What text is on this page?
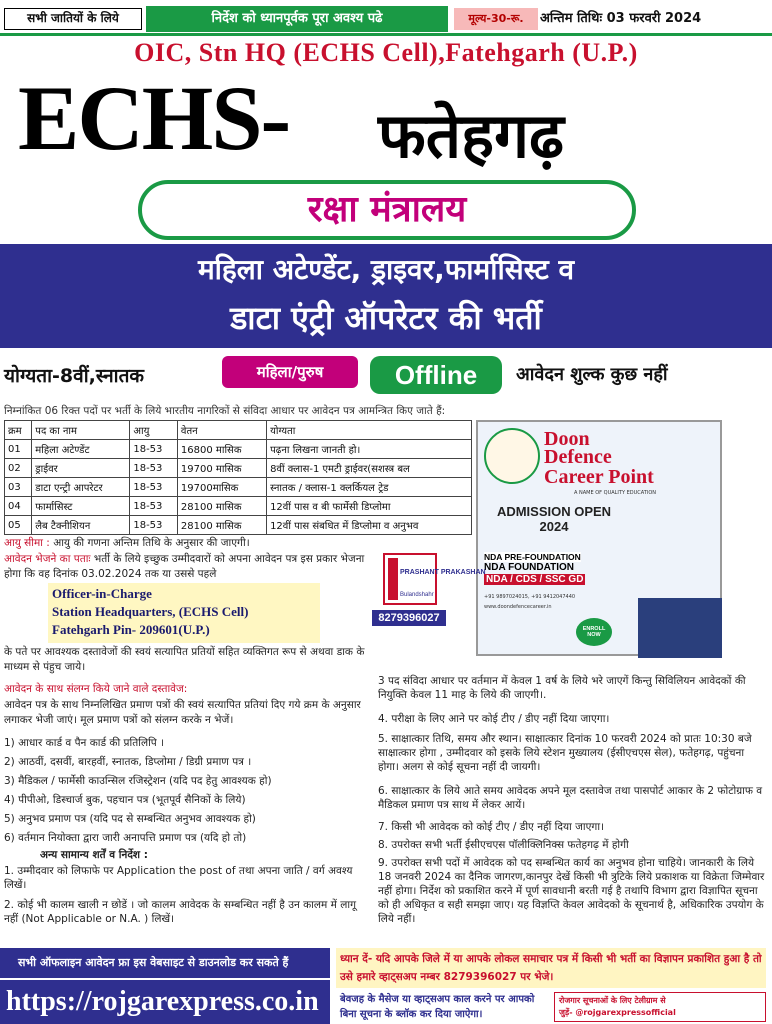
सभी जातियों के लिये	निर्देश को ध्यानपूर्वक पूरा अवश्य पढे	मूल्य-30-रू.	अन्तिम तिथिः 03 फरवरी 2024
OIC, Stn HQ (ECHS Cell),Fatehgarh (U.P.)
ECHS- फतेहगढ़
रक्षा मंत्रालय
महिला अटेण्डेंट, ड्राइवर,फार्मासिस्ट व
डाटा एंट्री ऑपरेटर की भर्ती
योग्यता-8वीं,स्नातक	महिला/पुरुष	Offline	आवेदन शुल्क कुछ नहीं
निम्नांकित 06 रिक्त पदों पर भर्ती के लिये भारतीय नागरिकों से संविदा आधार पर आवेदन पत्र आमन्त्रित किए जाते हैं:
क्रम	पद का नाम	आयु	वेतन	योग्यता
01	महिला अटेण्डेंट	18-53	16800 मासिक	पढ़ना लिखना जानती हो।
02	ड्राईवर	18-53	19700 मासिक	8वीं क्लास-1 एमटी ड्राईवर(सशस्त्र बल
03	डाटा एन्ट्री आपरेटर	18-53	19700मासिक	स्नातक / क्लास-1 क्लर्कियल ट्रेड
04	फार्मासिस्ट	18-53	28100 मासिक	12वीं पास व बी फार्मेसी डिप्लोमा
05	लैब टैक्नीशियन	18-53	28100 मासिक	12वीं पास संबधित में डिप्लोमा व अनुभव
Doon
Defence
Career Point
A NAME OF QUALITY EDUCATION
ADMISSION OPEN 2024
NDA PRE-FOUNDATION
NDA FOUNDATION
NDA / CDS / SSC GD
+91 9897024015, +91 9412047440
www.doondefencecareer.in
ENROLL NOW
PRASHANT PRAKASHAN
Bulandshahr
8279396027
आयु सीमा : आयु की गणना अन्तिम तिथि के अनुसार की जाएगी।
आवेदन भेजने का पताः भर्ती के लिये इच्छुक उम्मीदवारों को अपना आवेदन पत्र इस प्रकार भेजना होगा कि वह दिनांक 03.02.2024 तक या उससे पहले
Officer-in-Charge
Station Headquarters, (ECHS Cell)
Fatehgarh Pin- 209601(U.P.)
के पते पर आवश्यक दस्तावेजों की स्वयं सत्यापित प्रतियों सहित व्यक्तिगत रूप से अथवा डाक के माध्यम से पंहुच जाये।
आवेदन के साथ संलग्न किये जाने वाले दस्तावेज:
आवेदन पत्र के साथ निम्नलिखित प्रमाण पत्रों की स्वयं सत्यापित प्रतियां दिए गये क्रम के अनुसार लगाकर भेजी जाएं। मूल प्रमाण पत्रों को संलग्न करके न भेजें।
1) आधार कार्ड व पैन कार्ड की प्रतिलिपि ।
2) आठवीं, दसवीं, बारहवीं, स्नातक, डिप्लोमा / डिग्री प्रमाण पत्र ।
3) मैडिकल / फार्मेसी काउन्सिल रजिस्ट्रेशन (यदि पद हेतु आवश्यक हो)
4) पीपीओ, डिस्चार्ज बुक, पहचान पत्र (भूतपूर्व सैनिकों के लिये)
5) अनुभव प्रमाण पत्र (यदि पद से सम्बन्धित अनुभव आवश्यक हो)
6) वर्तमान नियोक्ता द्वारा जारी अनापत्ति प्रमाण पत्र (यदि हो तो)
अन्य सामान्य शर्तें व निर्देश :
1. उम्मीदवार को लिफाफे पर Application the post of तथा अपना जाति / वर्ग अवश्य लिखें।
2. कोई भी कालम खाली न छोडें । जो कालम आवेदक के सम्बन्धित नहीं है उन कालम में लागू नहीं (Not Applicable or N.A. ) लिखें।
3 पद संविदा आधार पर वर्तमान में केवल 1 वर्ष के लिये भरे जाएगें किन्तु सिविलियन आवेदकों की नियुक्ति केवल 11 माह के लिये की जाएगी।.
4. परीक्षा के लिए आने पर कोई टीए / डीए नहीं दिया जाएगा।
5. साक्षात्कार तिथि, समय और स्थान। साक्षात्कार दिनांक 10 फरवरी 2024 को प्रातः 10:30 बजे साक्षात्कार होगा , उम्मीदवार को इसके लिये स्टेशन मुख्यालय (ईसीएचएस सेल), फतेहगढ़, पहुंचना होगा। अलग से कोई सूचना नहीं दी जायगी।
6. साक्षात्कार के लिये आते समय आवेदक अपने मूल दस्तावेज तथा पासपोर्ट आकार के 2 फोटोग्राफ व मैडिकल प्रमाण पत्र साथ में लेकर आयें।
7. किसी भी आवेदक को कोई टीए / डीए नहीं दिया जाएगा।
8. उपरोक्त सभी भर्ती ईसीएचएस पॉलीक्लिनिक्स फतेहगढ़ में होगी
9. उपरोक्त सभी पदों में आवेदक को पद सम्बन्धित कार्य का अनुभव होना चाहिये। जानकारी के लिये 18 जनवरी 2024 का दैनिक जागरण,कानपुर देखें किसी भी त्रुटिके लिये प्रकाशक या विक्रेता जिम्मेवार नहीं होगा। निर्देश को प्रकाशित करने में पूर्ण सावधानी बरती गई है तथापि विभाग द्वारा विज्ञापित सूचना को ही अधिकृत व सही समझा जाए। यह विज्ञप्ति केवल आवेदको के सूचनार्थ है, अधिकारिक उपयोग के लिये नहीं।
सभी ऑफलाइन आवेदन फ्रा इस वेबसाइट से डाउनलोड कर सकते हैं
https://rojgarexpress.co.in
ध्यान दें- यदि आपके जिले में या आपके लोकल समाचार पत्र में किसी भी भर्ती का विज्ञापन प्रकाशित हुआ है तो उसे हमारे व्हाट्सअप नम्बर 8279396027 पर भेजे।
बेवजह के मैसेज या व्हाट्सअप काल करने पर आपको बिना सूचना के ब्लॉक कर दिया जाऐगा।
रोजगार सूचनाओं के लिए टेलीग्राम से
जुड़ें- @rojgarexpressofficial
